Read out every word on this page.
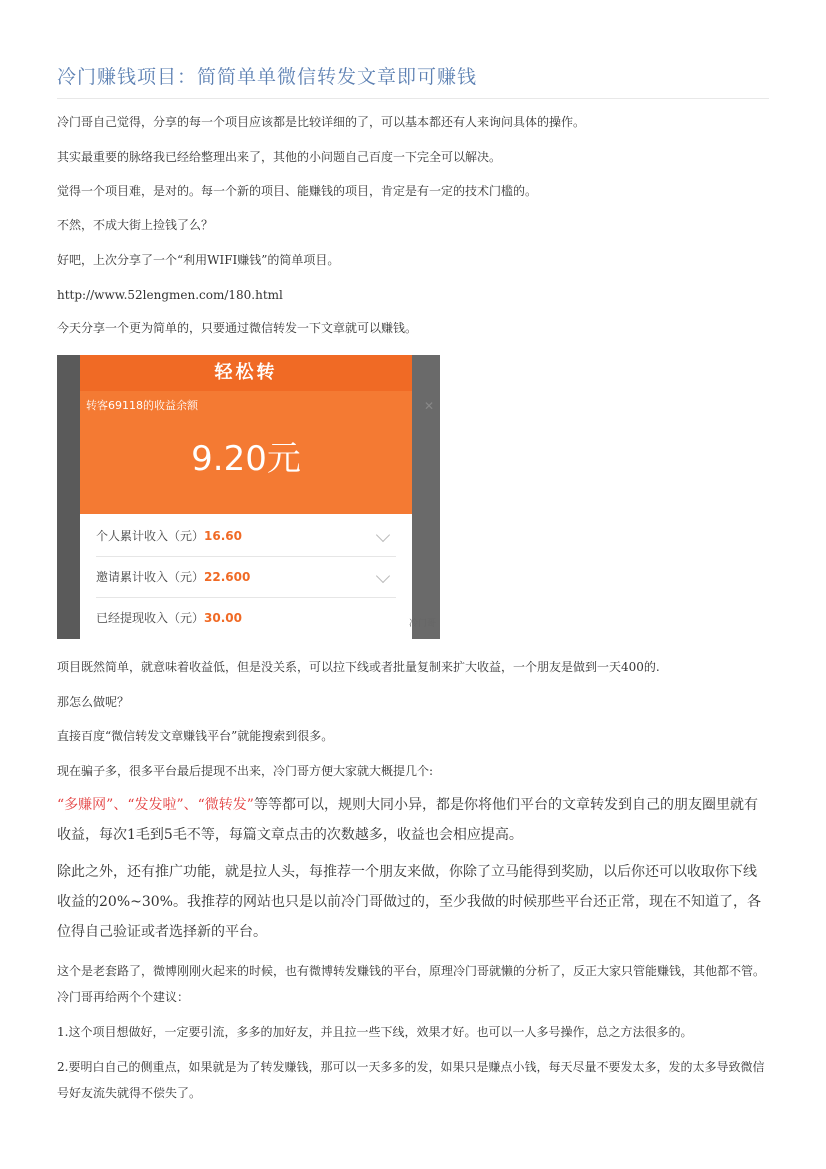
冷门赚钱项目：简简单单微信转发文章即可赚钱
冷门哥自己觉得，分享的每一个项目应该都是比较详细的了，可以基本都还有人来询问具体的操作。
其实最重要的脉络我已经给整理出来了，其他的小问题自己百度一下完全可以解决。
觉得一个项目难，是对的。每一个新的项目、能赚钱的项目，肯定是有一定的技术门槛的。
不然，不成大街上捡钱了么？
好吧，上次分享了一个“利用WIFI赚钱”的简单项目。
http://www.52lengmen.com/180.html
今天分享一个更为简单的，只要通过微信转发一下文章就可以赚钱。
轻松转
转客69118的收益余额
9.20元
个人累计收入（元）16.60
邀请累计收入（元）22.600
已经提现收入（元）30.00
✕
冷门哥
项目既然简单，就意味着收益低，但是没关系，可以拉下线或者批量复制来扩大收益，一个朋友是做到一天400的.
那怎么做呢？
直接百度“微信转发文章赚钱平台”就能搜索到很多。
现在骗子多，很多平台最后提现不出来，冷门哥方便大家就大概提几个:
“多赚网”、“发发啦”、“微转发”等等都可以，规则大同小异，都是你将他们平台的文章转发到自己的朋友圈里就有收益，每次1毛到5毛不等，每篇文章点击的次数越多，收益也会相应提高。
除此之外，还有推广功能，就是拉人头，每推荐一个朋友来做，你除了立马能得到奖励，以后你还可以收取你下线收益的20%~30%。我推荐的网站也只是以前冷门哥做过的，至少我做的时候那些平台还正常，现在不知道了，各位得自己验证或者选择新的平台。
这个是老套路了，微博刚刚火起来的时候，也有微博转发赚钱的平台，原理冷门哥就懒的分析了，反正大家只管能赚钱，其他都不管。冷门哥再给两个个建议：
1.这个项目想做好，一定要引流，多多的加好友，并且拉一些下线，效果才好。也可以一人多号操作，总之方法很多的。
2.要明白自己的侧重点，如果就是为了转发赚钱，那可以一天多多的发，如果只是赚点小钱，每天尽量不要发太多，发的太多导致微信号好友流失就得不偿失了。
